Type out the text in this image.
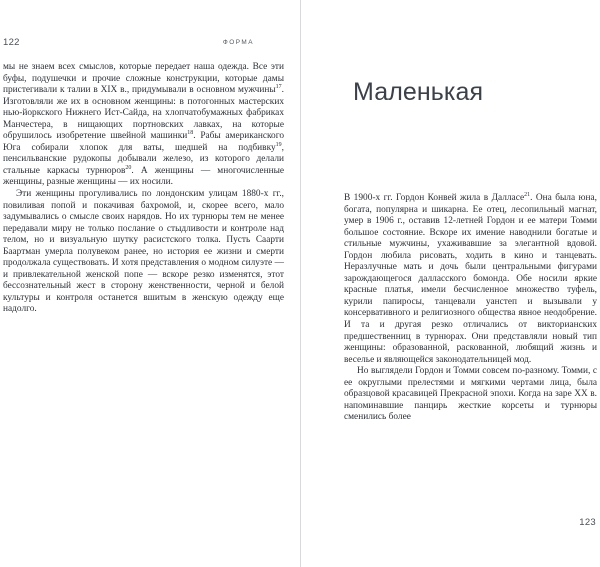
122	ФОРМА

мы не знаем всех смыслов, которые передает наша одежда. Все эти буфы, подушечки и прочие сложные конструкции, которые дамы пристегивали к талии в XIX в., придумывали в основном мужчины$^{17}$. Изготовляли же их в основном женщины: в потогонных мастерских нью-йоркского Нижнего Ист-Сайда, на хлопчатобумажных фабриках Манчестера, в нищающих портновских лавках, на которые обрушилось изобретение швейной машинки$^{18}$. Рабы американского Юга собирали хлопок для ваты, шедшей на подбивку$^{19}$, пенсильванские рудокопы добывали железо, из которого делали стальные каркасы турнюров$^{20}$. А женщины — многочисленные женщины, разные женщины — их носили.

Эти женщины прогуливались по лондонским улицам 1880-х гг., повиливая попой и покачивая бахромой, и, скорее всего, мало задумывались о смысле своих нарядов. Но их турнюры тем не менее передавали миру не только послание о стыдливости и контроле над телом, но и визуальную шутку расистского толка. Пусть Саарти Баартман умерла полувеком ранее, но история ее жизни и смерти продолжала существовать. И хотя представления о модном силуэте — и привлекательной женской попе — вскоре резко изменятся, этот бессознательный жест в сторону женственности, черной и белой культуры и контроля останется вшитым в женскую одежду еще надолго.

Маленькая

В 1900-х гг. Гордон Конвей жила в Далласе$^{21}$. Она была юна, богата, популярна и шикарна. Ее отец, лесопильный магнат, умер в 1906 г., оставив 12-летней Гордон и ее матери Томми большое состояние. Вскоре их имение наводнили богатые и стильные мужчины, ухаживавшие за элегантной вдовой. Гордон любила рисовать, ходить в кино и танцевать. Неразлучные мать и дочь были центральными фигурами зарождающегося далласского бомонда. Обе носили яркие красные платья, имели бесчисленное множество туфель, курили папиросы, танцевали уанстеп и вызывали у консервативного и религиозного общества явное неодобрение. И та и другая резко отличались от викторианских предшественниц в турнюрах. Они представляли новый тип женщины: образованной, раскованной, любящий жизнь и веселье и являющейся законодательницей мод.

Но выглядели Гордон и Томми совсем по-разному. Томми, с ее округлыми прелестями и мягкими чертами лица, была образцовой красавицей Прекрасной эпохи. Когда на заре XX в. напоминавшие панцирь жесткие корсеты и турнюры сменились более

123
